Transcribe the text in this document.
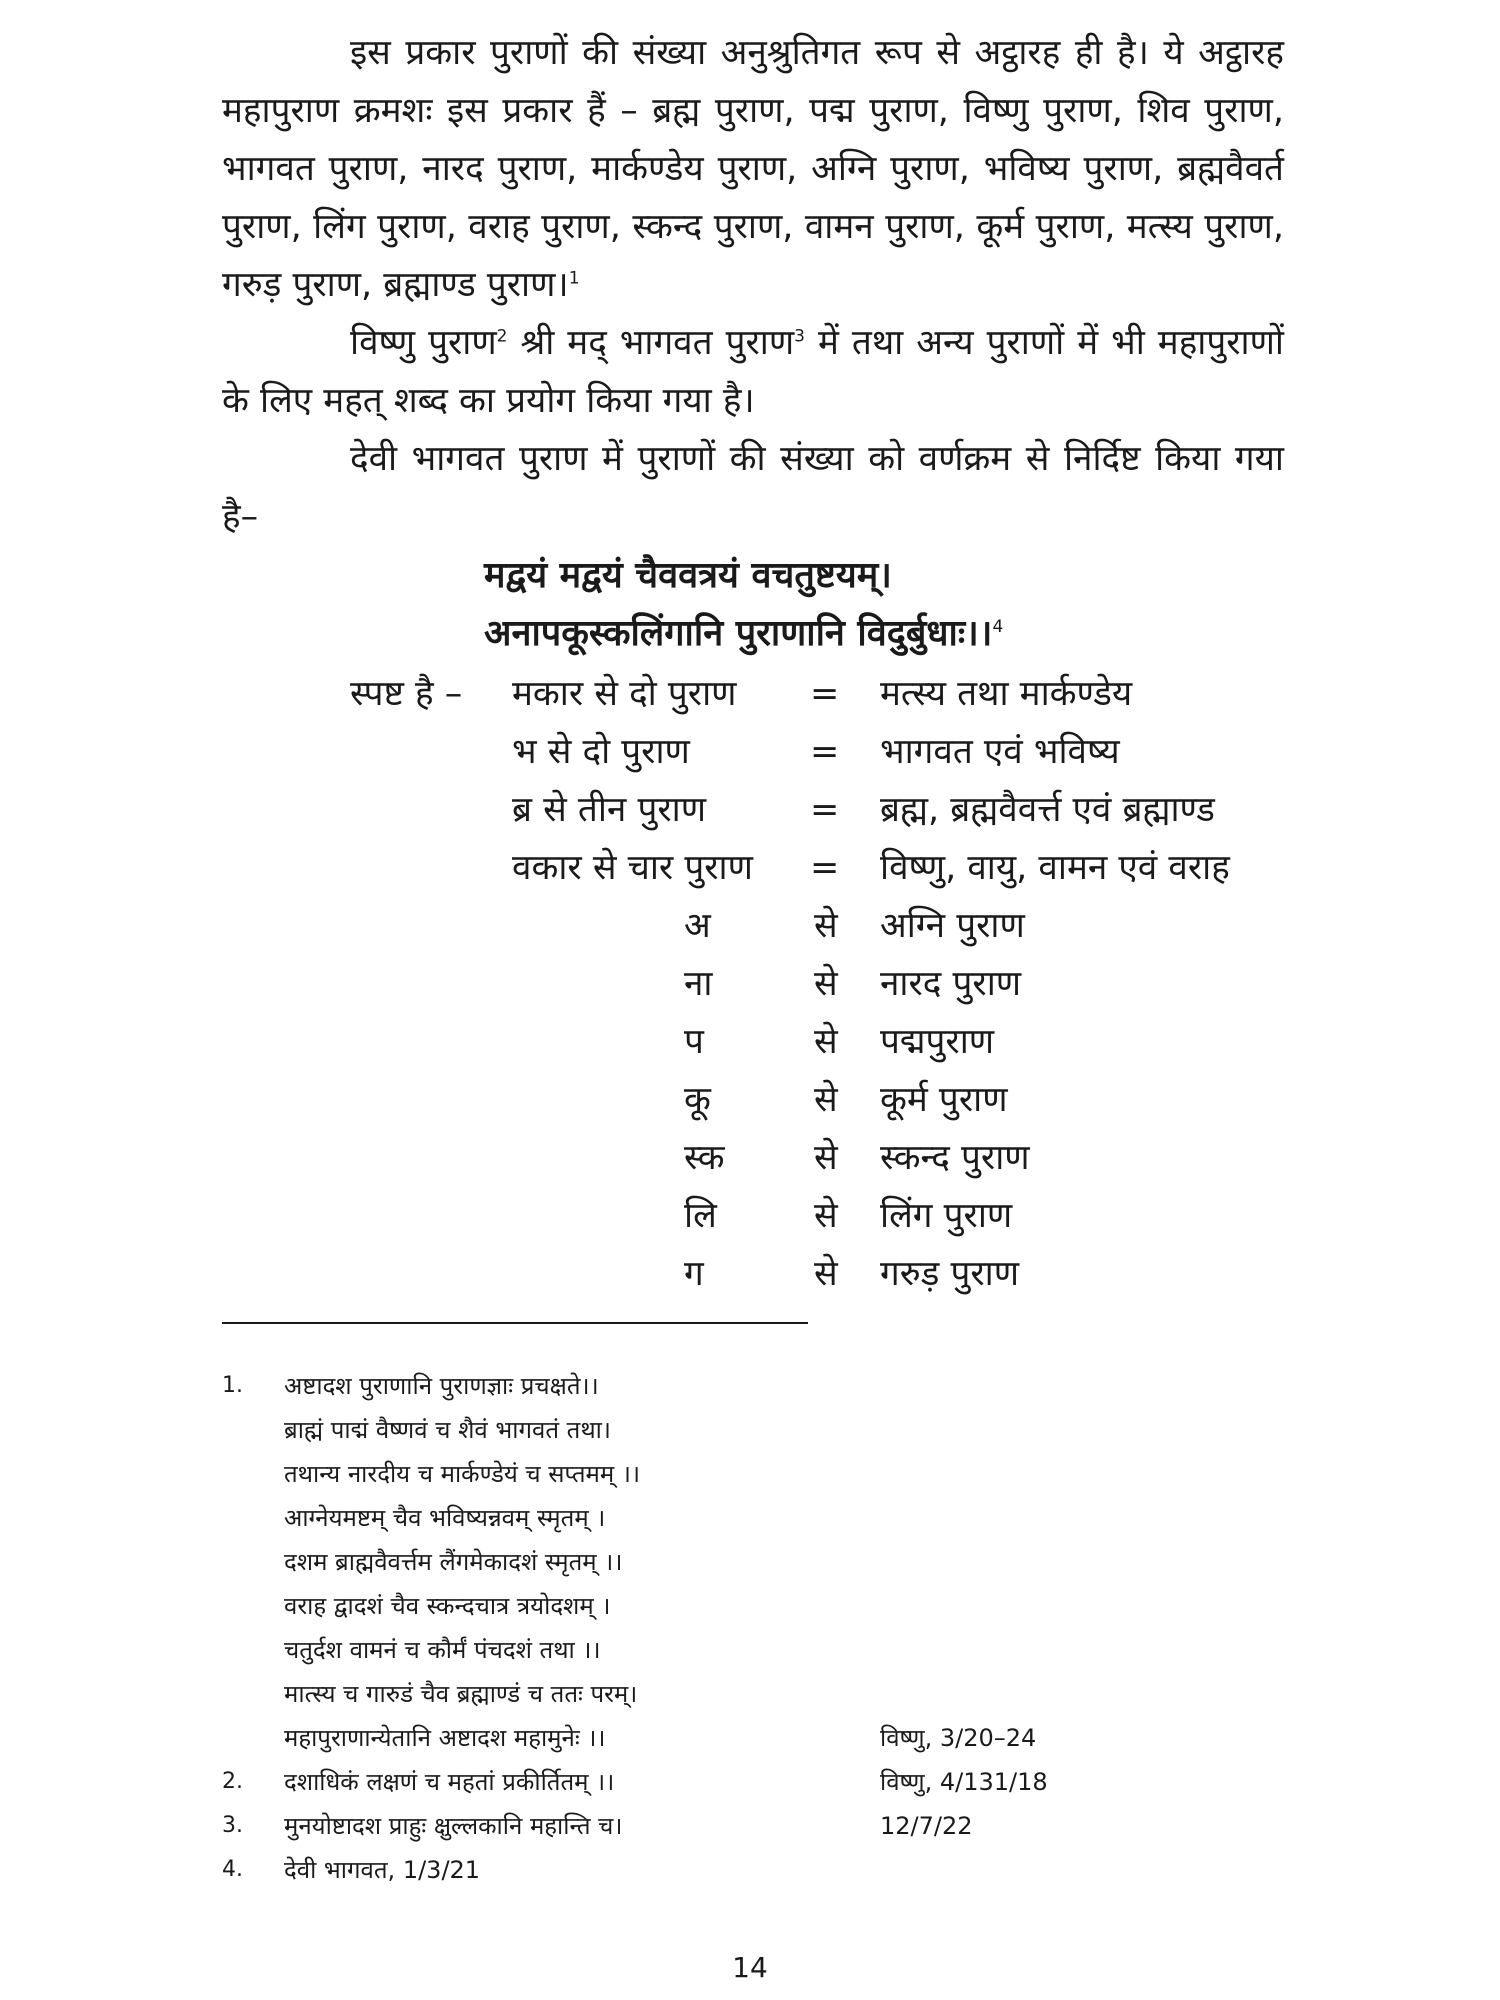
इस प्रकार पुराणों की संख्या अनुश्रुतिगत रूप से अट्ठारह ही है। ये अट्ठारह महापुराण क्रमशः इस प्रकार हैं – ब्रह्म पुराण, पद्म पुराण, विष्णु पुराण, शिव पुराण, भागवत पुराण, नारद पुराण, मार्कण्डेय पुराण, अग्नि पुराण, भविष्य पुराण, ब्रह्मवैवर्त पुराण, लिंग पुराण, वराह पुराण, स्कन्द पुराण, वामन पुराण, कूर्म पुराण, मत्स्य पुराण, गरुड़ पुराण, ब्रह्माण्ड पुराण।$^1$

विष्णु पुराण$^2$ श्री मद् भागवत पुराण$^3$ में तथा अन्य पुराणों में भी महापुराणों के लिए महत् शब्द का प्रयोग किया गया है।

देवी भागवत पुराण में पुराणों की संख्या को वर्णक्रम से निर्दिष्ट किया गया है–

मद्वयं मद्वयं चैववत्रयं वचतुष्टयम्।

अनापकूस्कलिंगानि पुराणानि विदुर्बुधाः।।$^4$

स्पष्ट है – मकार से दो पुराण = मत्स्य तथा मार्कण्डेय
भ से दो पुराण	= भागवत एवं भविष्य
ब्र से तीन पुराण	= ब्रह्म, ब्रह्मवैवर्त्त एवं ब्रह्माण्ड
वकार से चार पुराण = विष्णु, वायु, वामन एवं वराह
अ	से अग्नि पुराण
ना	से नारद पुराण
प	से पद्मपुराण
कू	से कूर्म पुराण
स्क	से स्कन्द पुराण
लि	से लिंग पुराण
ग	से गरुड़ पुराण
1. अष्टादश पुराणानि पुराणज्ञाः प्रचक्षते।।
ब्राह्मं पाद्मं वैष्णवं च शैवं भागवतं तथा।
तथान्य नारदीय च मार्कण्डेयं च सप्तमम् ।।
आग्नेयमष्टम् चैव भविष्यन्नवम् स्मृतम् ।
दशम ब्राह्मवैवर्त्तम लैंगमेकादशं स्मृतम् ।।
वराह द्वादशं चैव स्कन्दचात्र त्रयोदशम् ।
चतुर्दश वामनं च कौर्मं पंचदशं तथा ।।
मात्स्य च गारुडं चैव ब्रह्माण्डं च ततः परम्।
महापुराणान्येतानि अष्टादश महामुनेः ।।	विष्णु, 3/20–24
2. दशाधिकं लक्षणं च महतां प्रकीर्तितम् ।।	विष्णु, 4/131/18
3. मुनयोष्टादश प्राहुः क्षुल्लकानि महान्ति च।	12/7/22
4. देवी भागवत, 1/3/21
14
